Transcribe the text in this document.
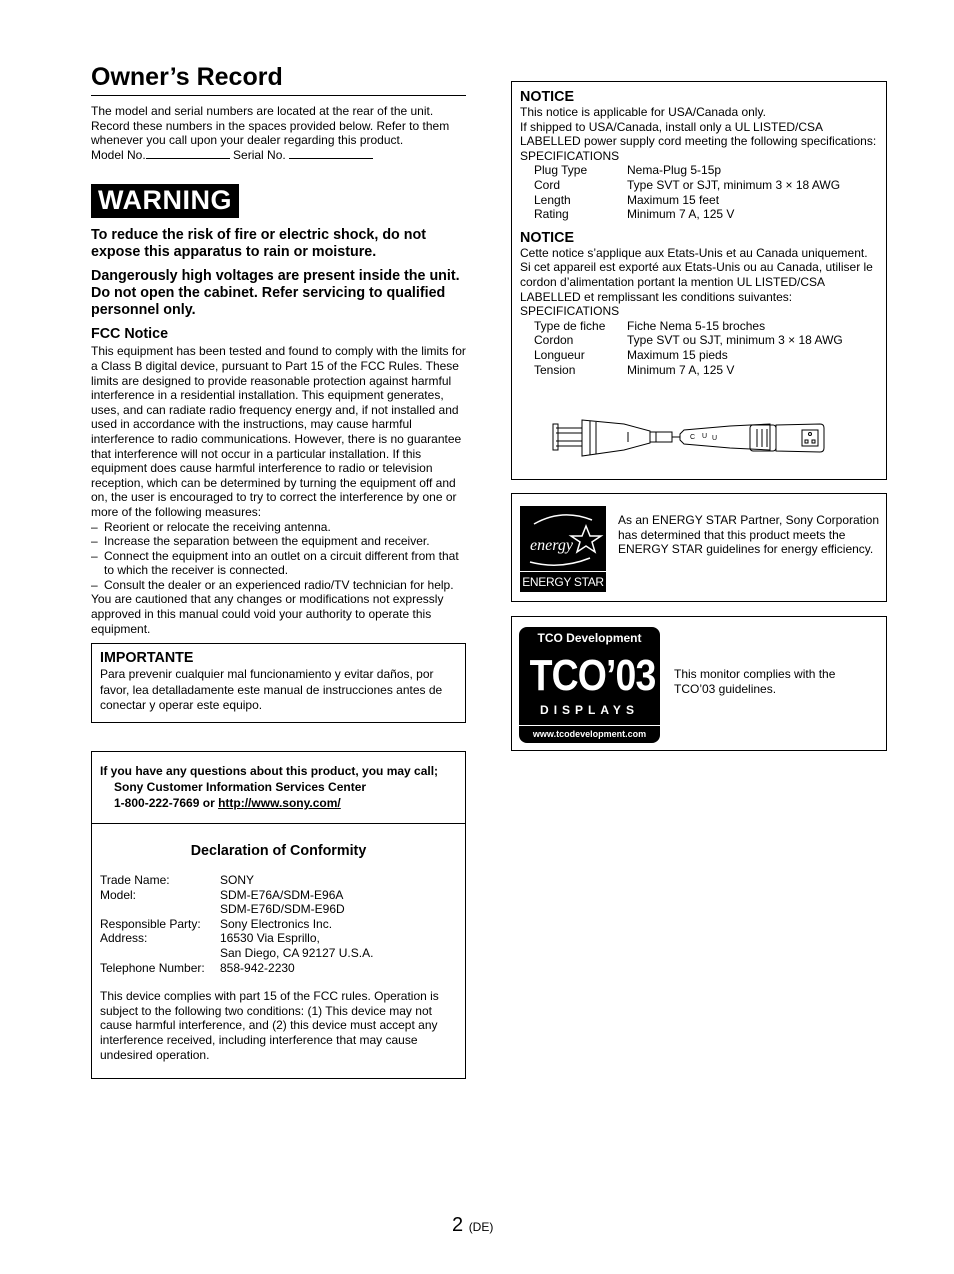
Owner’s Record
The model and serial numbers are located at the rear of the unit. Record these numbers in the spaces provided below. Refer to them whenever you call upon your dealer regarding this product.
Model No.	Serial No.
WARNING

To reduce the risk of fire or electric shock, do not expose this apparatus to rain or moisture.

Dangerously high voltages are present inside the unit. Do not open the cabinet. Refer servicing to qualified personnel only.

FCC Notice
This equipment has been tested and found to comply with the limits for a Class B digital device, pursuant to Part 15 of the FCC Rules. These limits are designed to provide reasonable protection against harmful interference in a residential installation. This equipment generates, uses, and can radiate radio frequency energy and, if not installed and used in accordance with the instructions, may cause harmful interference to radio communications. However, there is no guarantee that interference will not occur in a particular installation. If this equipment does cause harmful interference to radio or television reception, which can be determined by turning the equipment off and on, the user is encouraged to try to correct the interference by one or more of the following measures:
– Reorient or relocate the receiving antenna.
– Increase the separation between the equipment and receiver.
– Connect the equipment into an outlet on a circuit different from that to which the receiver is connected.
– Consult the dealer or an experienced radio/TV technician for help.
You are cautioned that any changes or modifications not expressly approved in this manual could void your authority to operate this equipment.
IMPORTANTE
Para prevenir cualquier mal funcionamiento y evitar daños, por favor, lea detalladamente este manual de instrucciones antes de conectar y operar este equipo.
If you have any questions about this product, you may call;
Sony Customer Information Services Center
1-800-222-7669 or http://www.sony.com/
Declaration of Conformity
Trade Name:	SONY
Model:	SDM-E76A/SDM-E96A
SDM-E76D/SDM-E96D
Responsible Party:	Sony Electronics Inc.
Address:	16530 Via Esprillo,
San Diego, CA 92127 U.S.A.
Telephone Number:	858-942-2230
This device complies with part 15 of the FCC rules. Operation is subject to the following two conditions: (1) This device may not cause harmful interference, and (2) this device must accept any interference received, including interference that may cause undesired operation.
NOTICE
This notice is applicable for USA/Canada only.
If shipped to USA/Canada, install only a UL LISTED/CSA LABELLED power supply cord meeting the following specifications:
SPECIFICATIONS
Plug Type	Nema-Plug 5-15p
Cord	Type SVT or SJT, minimum 3 × 18 AWG
Length	Maximum 15 feet
Rating	Minimum 7 A, 125 V
NOTICE
Cette notice s’applique aux Etats-Unis et au Canada uniquement.
Si cet appareil est exporté aux Etats-Unis ou au Canada, utiliser le cordon d’alimentation portant la mention UL LISTED/CSA LABELLED et remplissant les conditions suivantes:
SPECIFICATIONS
Type de fiche	Fiche Nema 5-15 broches
Cordon	Type SVT ou SJT, minimum 3 × 18 AWG
Longueur	Maximum 15 pieds
Tension	Minimum 7 A, 125 V
C U U
energy
ENERGY STAR
As an ENERGY STAR Partner, Sony Corporation has determined that this product meets the ENERGY STAR guidelines for energy efficiency.
TCO Development
TCO’03
DISPLAYS
www.tcodevelopment.com
This monitor complies with the TCO’03 guidelines.
2 (DE)
